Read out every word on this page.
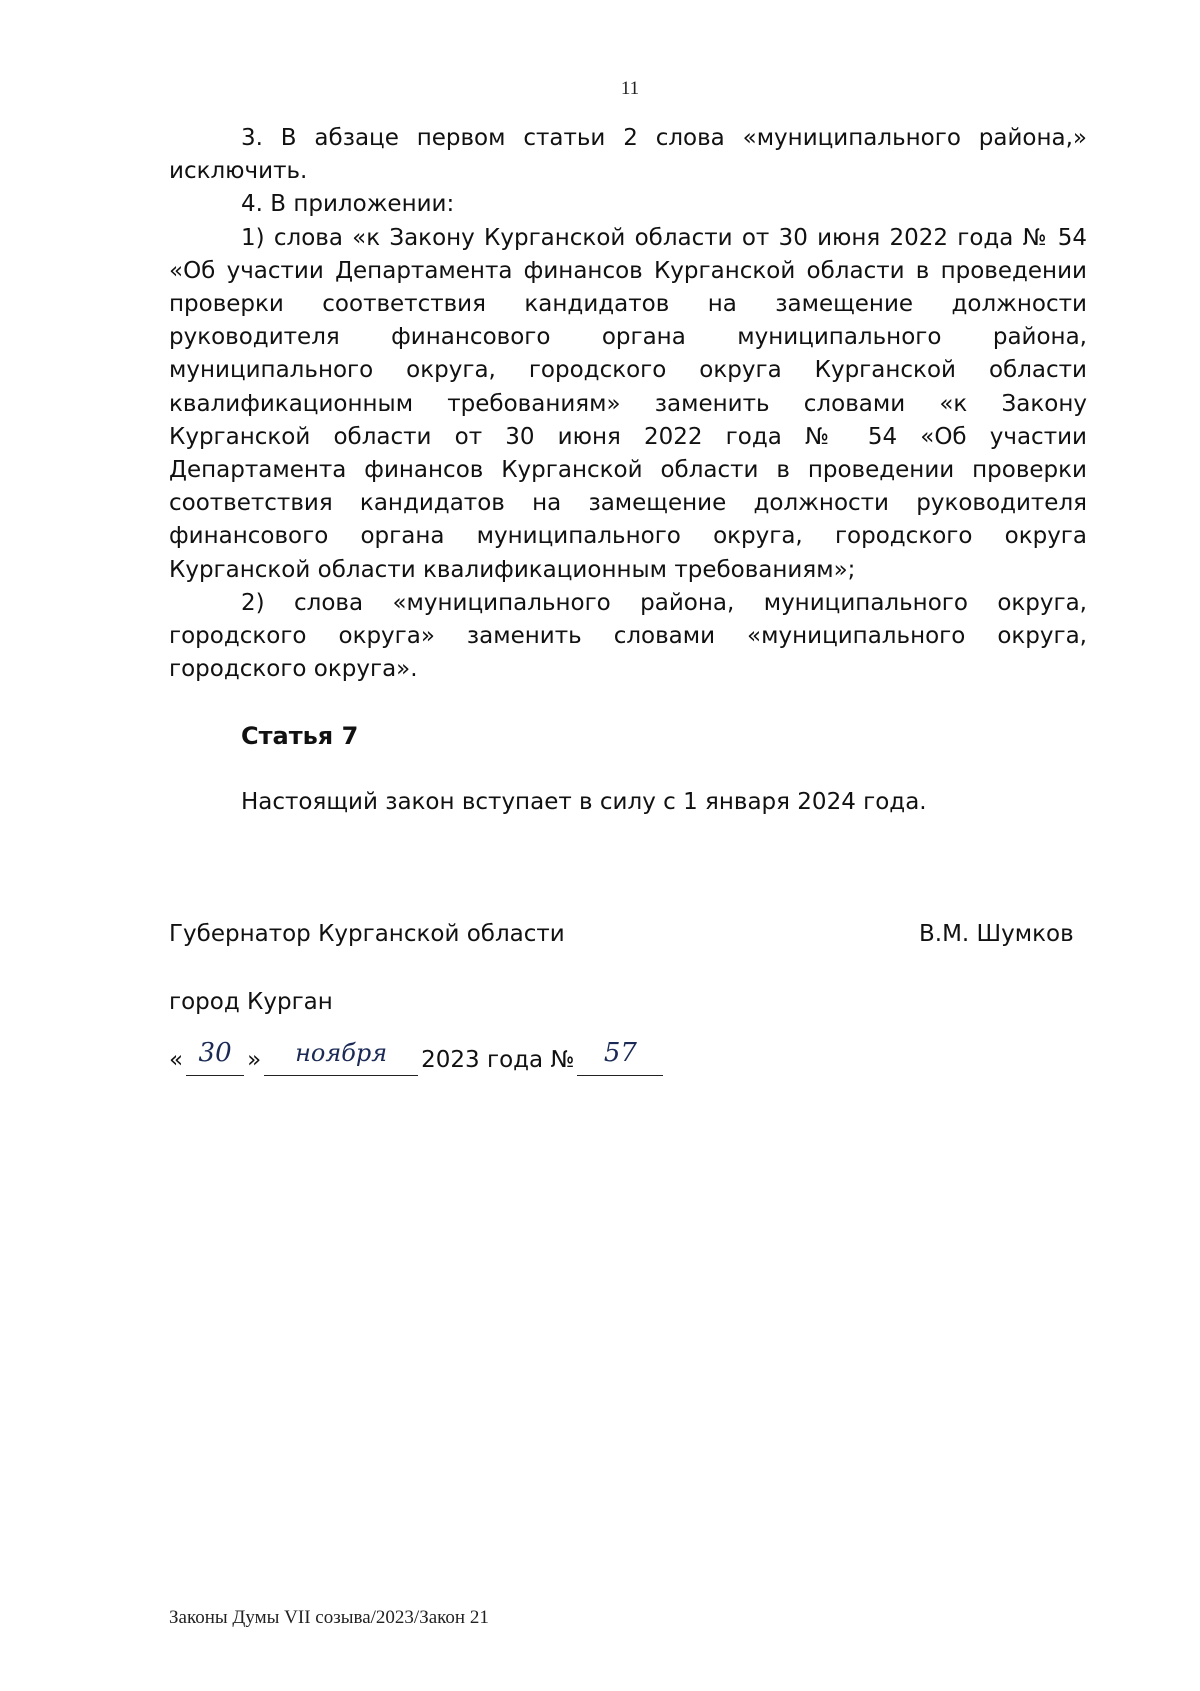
11

3. В абзаце первом статьи 2 слова «муниципального района,» исключить.

4. В приложении:

1) слова «к Закону Курганской области от 30 июня 2022 года № 54 «Об участии Департамента финансов Курганской области в проведении проверки соответствия кандидатов на замещение должности руководителя финансового органа муниципального района, муниципального округа, городского округа Курганской области квалификационным требованиям» заменить словами «к Закону Курганской области от 30 июня 2022 года № 54 «Об участии Департамента финансов Курганской области в проведении проверки соответствия кандидатов на замещение должности руководителя финансового органа муниципального округа, городского округа Курганской области квалификационным требованиям»;

2) слова «муниципального района, муниципального округа, городского округа» заменить словами «муниципального округа, городского округа».

Статья 7
Настоящий закон вступает в силу с 1 января 2024 года.
Губернатор Курганской области	В.М. Шумков
город Курган
« 30 »	ноября	2023 года №	57
Законы Думы VII созыва/2023/Закон 21
